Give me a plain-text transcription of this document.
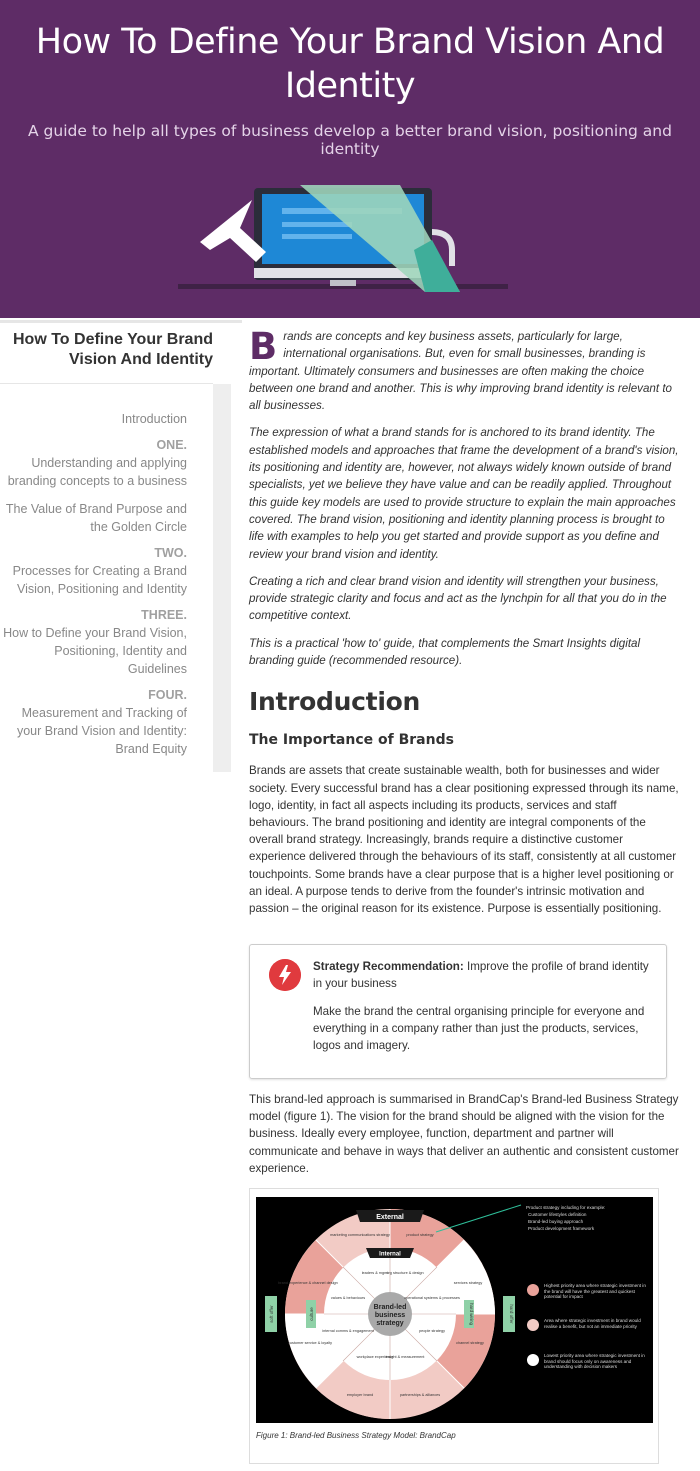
How To Define Your Brand Vision And Identity

A guide to help all types of business develop a better brand vision, positioning and identity

How To Define Your Brand Vision And Identity
Introduction
ONE.
Understanding and applying branding concepts to a business
The Value of Brand Purpose and the Golden Circle
TWO.
Processes for Creating a Brand Vision, Positioning and Identity
THREE.
How to Define your Brand Vision, Positioning, Identity and Guidelines
FOUR.
Measurement and Tracking of your Brand Vision and Identity: Brand Equity

Brands are concepts and key business assets, particularly for large, international organisations. But, even for small businesses, branding is important. Ultimately consumers and businesses are often making the choice between one brand and another. This is why improving brand identity is relevant to all businesses.

The expression of what a brand stands for is anchored to its brand identity. The established models and approaches that frame the development of a brand's vision, its positioning and identity are, however, not always widely known outside of brand specialists, yet we believe they have value and can be readily applied. Throughout this guide key models are used to provide structure to explain the main approaches covered. The brand vision, positioning and identity planning process is brought to life with examples to help you get started and provide support as you define and review your brand vision and identity.

Creating a rich and clear brand vision and identity will strengthen your business, provide strategic clarity and focus and act as the lynchpin for all that you do in the competitive context.

This is a practical 'how to' guide, that complements the Smart Insights digital branding guide (recommended resource).

Introduction
The Importance of Brands

Brands are assets that create sustainable wealth, both for businesses and wider society. Every successful brand has a clear positioning expressed through its name, logo, identity, in fact all aspects including its products, services and staff behaviours. The brand positioning and identity are integral components of the overall brand strategy. Increasingly, brands require a distinctive customer experience delivered through the behaviours of its staff, consistently at all customer touchpoints. Some brands have a clear purpose that is a higher level positioning or an ideal. A purpose tends to derive from the founder's intrinsic motivation and passion – the original reason for its existence. Purpose is essentially positioning.

Strategy Recommendation: Improve the profile of brand identity in your business

Make the brand the central organising principle for everyone and everything in a company rather than just the products, services, logos and imagery.

This brand-led approach is summarised in BrandCap's Brand-led Business Strategy model (figure 1). The vision for the brand should be aligned with the vision for the business. Ideally every employee, function, department and partner will communicate and behave in ways that deliver an authentic and consistent customer experience.

Brand-led
business
strategy
External
Internal
soft offer	culture	hard wiring	hard offer
marketing communications strategy	product strategy
services strategy
channel strategy
partnerships & alliances
employer brand
customer service & loyalty
brand experience & channel design
leaders & mgmt
org structure & design
operational systems & processes
people strategy
insight & measurement
workplace experience
internal comms & engagement
values & behaviours
Product strategy including for example:
Customer lifestyles definition
Brand-led buying approach
Product development framework
Highest priority area where strategic investment in the brand will have the greatest and quickest potential for impact
Area where strategic investment in brand would realise a benefit, but not an immediate priority
Lowest priority area where strategic investment in brand should focus only on awareness and understanding with decision makers
Figure 1: Brand-led Business Strategy Model: BrandCap
